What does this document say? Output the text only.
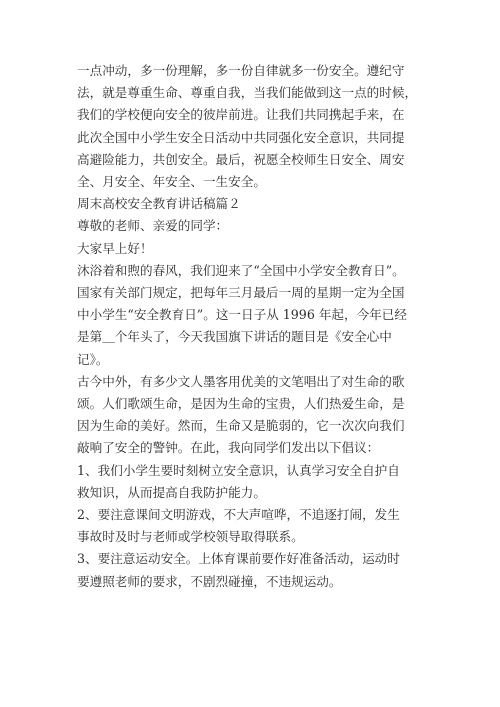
一点冲动，多一份理解，多一份自律就多一份安全。遵纪守
法，就是尊重生命、尊重自我，当我们能做到这一点的时候，
我们的学校便向安全的彼岸前进。让我们共同携起手来，在
此次全国中小学生安全日活动中共同强化安全意识，共同提
高避险能力，共创安全。最后，祝愿全校师生日安全、周安
全、月安全、年安全、一生安全。

周末高校安全教育讲话稿篇２

尊敬的老师、亲爱的同学：

大家早上好！

沐浴着和煦的春风，我们迎来了“全国中小学安全教育日”。
国家有关部门规定，把每年三月最后一周的星期一定为全国
中小学生“安全教育日”。这一日子从 1996 年起，今年已经
是第＿个年头了，今天我国旗下讲话的题目是《安全心中
记》。

古今中外，有多少文人墨客用优美的文笔唱出了对生命的歌
颂。人们歌颂生命，是因为生命的宝贵，人们热爱生命，是
因为生命的美好。然而，生命又是脆弱的，它一次次向我们
敲响了安全的警钟。在此，我向同学们发出以下倡议：

1、我们小学生要时刻树立安全意识，认真学习安全自护自
救知识，从而提高自我防护能力。

2、要注意课间文明游戏，不大声喧哗，不追逐打闹，发生
事故时及时与老师或学校领导取得联系。

3、要注意运动安全。上体育课前要作好准备活动，运动时
要遵照老师的要求，不剧烈碰撞，不违规运动。
